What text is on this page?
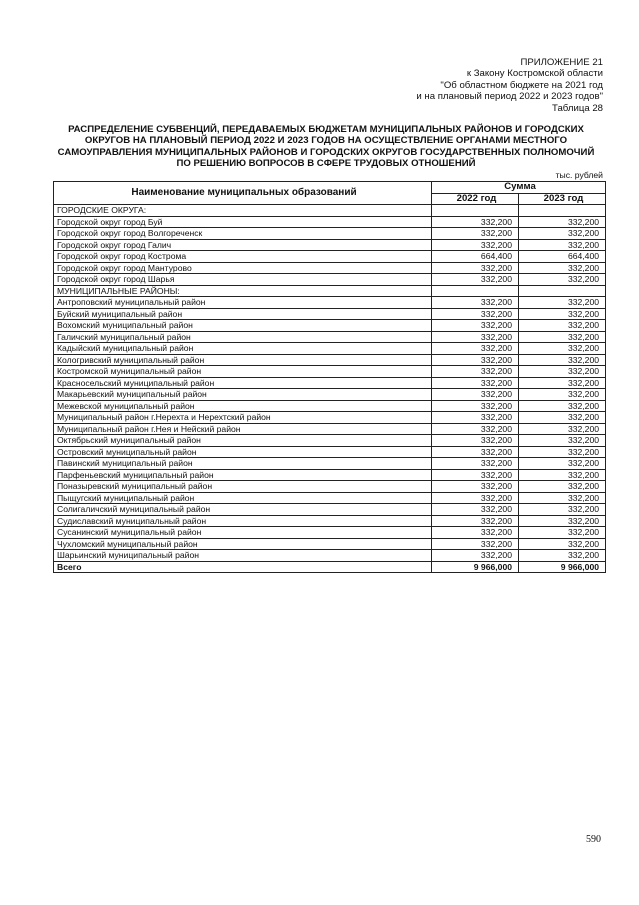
ПРИЛОЖЕНИЕ 21
к Закону Костромской области
"Об областном бюджете на 2021 год
и на плановый период 2022 и 2023 годов"
Таблица 28
РАСПРЕДЕЛЕНИЕ СУБВЕНЦИЙ, ПЕРЕДАВАЕМЫХ БЮДЖЕТАМ МУНИЦИПАЛЬНЫХ РАЙОНОВ И ГОРОДСКИХ
ОКРУГОВ НА ПЛАНОВЫЙ ПЕРИОД 2022 И 2023 ГОДОВ НА ОСУЩЕСТВЛЕНИЕ ОРГАНАМИ МЕСТНОГО
САМОУПРАВЛЕНИЯ МУНИЦИПАЛЬНЫХ РАЙОНОВ И ГОРОДСКИХ ОКРУГОВ ГОСУДАРСТВЕННЫХ ПОЛНОМОЧИЙ
ПО РЕШЕНИЮ ВОПРОСОВ В СФЕРЕ ТРУДОВЫХ ОТНОШЕНИЙ
тыс. рублей
Наименование муниципальных образований	Сумма	
	2022 год	2023 год
ГОРОДСКИЕ ОКРУГА:		
Городской округ город Буй	332,200	332,200
Городской округ город Волгореченск	332,200	332,200
Городской округ город Галич	332,200	332,200
Городской округ город Кострома	664,400	664,400
Городской округ город Мантурово	332,200	332,200
Городской округ город Шарья	332,200	332,200
МУНИЦИПАЛЬНЫЕ РАЙОНЫ:		
Антроповский муниципальный район	332,200	332,200
Буйский муниципальный район	332,200	332,200
Вохомский муниципальный район	332,200	332,200
Галичский муниципальный район	332,200	332,200
Кадыйский муниципальный район	332,200	332,200
Кологривский муниципальный район	332,200	332,200
Костромской муниципальный район	332,200	332,200
Красносельский муниципальный район	332,200	332,200
Макарьевский муниципальный район	332,200	332,200
Межевской муниципальный район	332,200	332,200
Муниципальный район г.Нерехта и Нерехтский район	332,200	332,200
Муниципальный район г.Нея и Нейский район	332,200	332,200
Октябрьский муниципальный район	332,200	332,200
Островский муниципальный район	332,200	332,200
Павинский муниципальный район	332,200	332,200
Парфеньевский муниципальный район	332,200	332,200
Поназыревский муниципальный район	332,200	332,200
Пыщугский муниципальный район	332,200	332,200
Солигаличский муниципальный район	332,200	332,200
Судиславский муниципальный район	332,200	332,200
Сусанинский муниципальный район	332,200	332,200
Чухломский муниципальный район	332,200	332,200
Шарьинский муниципальный район	332,200	332,200
Всего	9 966,000	9 966,000
590
